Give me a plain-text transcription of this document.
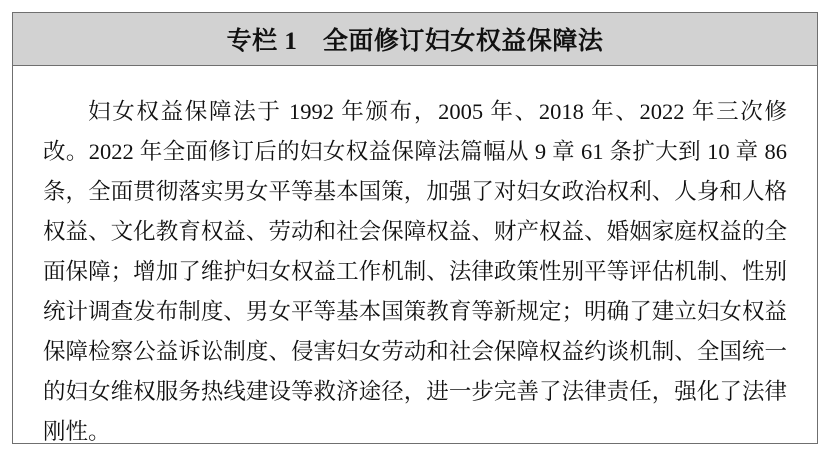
专栏 1　全面修订妇女权益保障法

妇女权益保障法于 1992 年颁布，2005 年、2018 年、2022 年三次修改。2022 年全面修订后的妇女权益保障法篇幅从 9 章 61 条扩大到 10 章 86 条，全面贯彻落实男女平等基本国策，加强了对妇女政治权利、人身和人格权益、文化教育权益、劳动和社会保障权益、财产权益、婚姻家庭权益的全面保障；增加了维护妇女权益工作机制、法律政策性别平等评估机制、性别统计调查发布制度、男女平等基本国策教育等新规定；明确了建立妇女权益保障检察公益诉讼制度、侵害妇女劳动和社会保障权益约谈机制、全国统一的妇女维权服务热线建设等救济途径，进一步完善了法律责任，强化了法律刚性。
